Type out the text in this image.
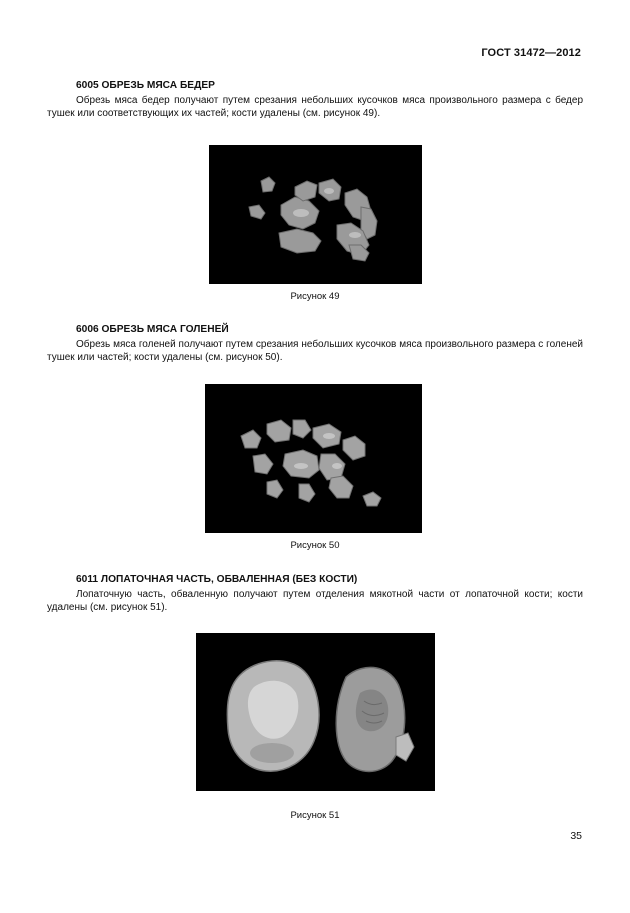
ГОСТ 31472—2012
6005 ОБРЕЗЬ МЯСА БЕДЕР
Обрезь мяса бедер получают путем срезания небольших кусочков мяса произвольного размера с бедер тушек или соответствующих их частей; кости удалены (см. рисунок 49).
Рисунок 49
6006 ОБРЕЗЬ МЯСА ГОЛЕНЕЙ
Обрезь мяса голеней получают путем срезания небольших кусочков мяса произвольного размера с голеней тушек или частей; кости удалены (см. рисунок 50).
Рисунок 50
6011 ЛОПАТОЧНАЯ ЧАСТЬ, ОБВАЛЕННАЯ (БЕЗ КОСТИ)
Лопаточную часть, обваленную получают путем отделения мякотной части от лопаточной кости; кости удалены (см. рисунок 51).
Рисунок 51
35
